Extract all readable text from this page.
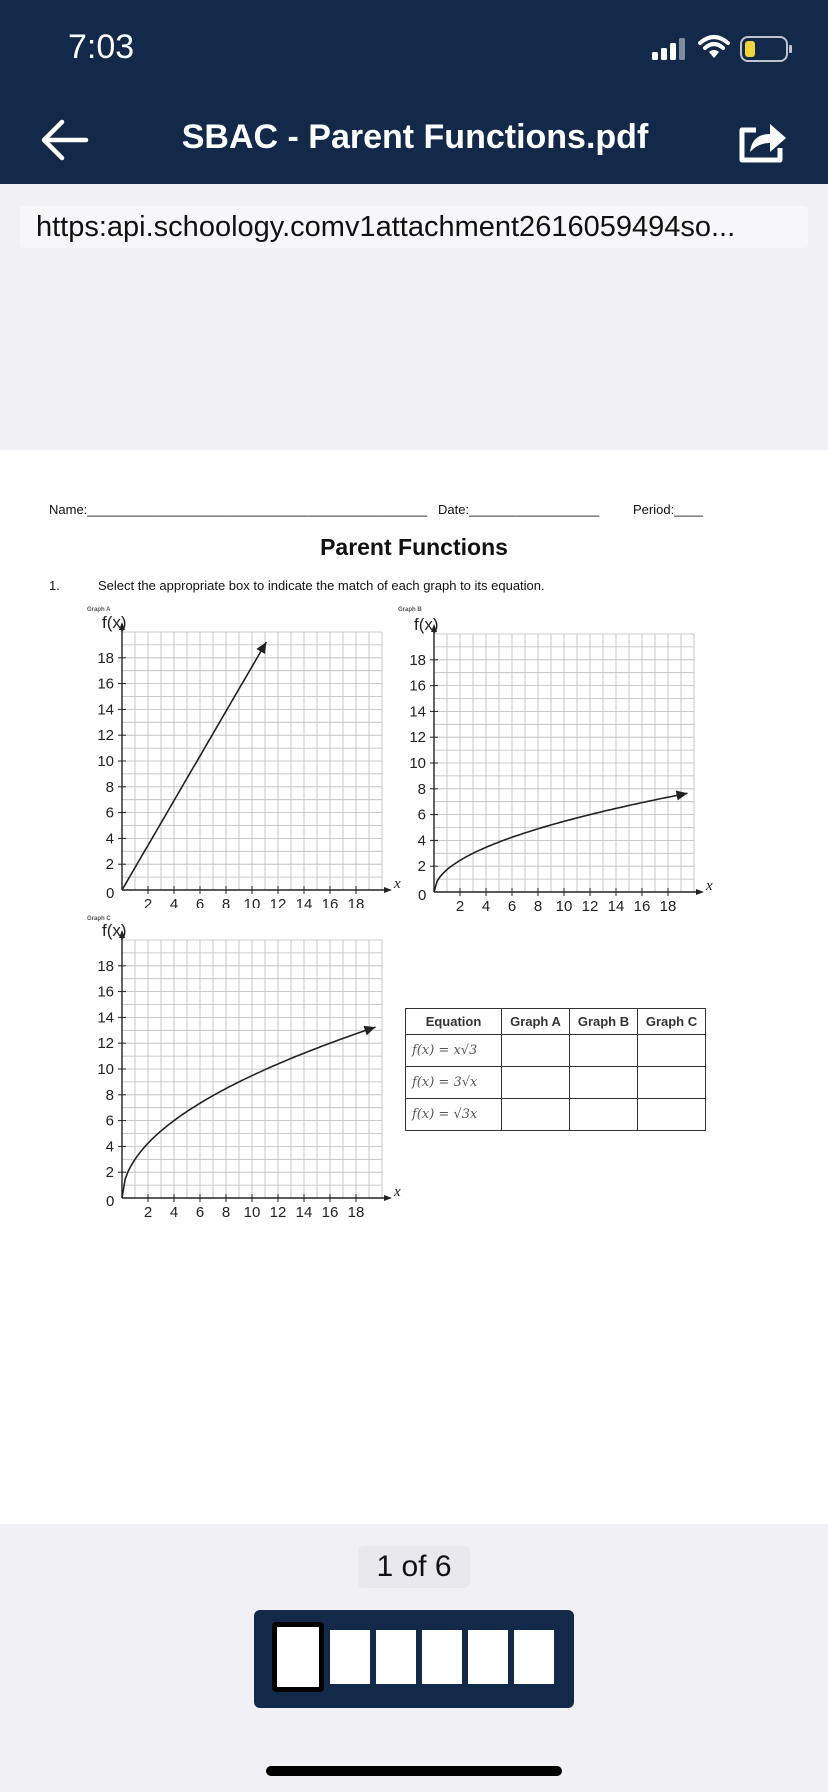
7:03
SBAC - Parent Functions.pdf
https:api.schoology.comv1attachment2616059494so...
Name:_______________________________________________ Date:__________________	Period:____
Parent Functions
1.	Select the appropriate box to indicate the match of each graph to its equation.
Graph A
f(x)
x
0
2
4
6
8
10
12
14
16
18
2 4 6 8 10 12 14 16 18
Graph B
f(x)
x
0
2
4
6
8
10
12
14
16
18
2 4 6 8 10 12 14 16 18
Graph C
f(x)
x
0
2
4
6
8
10
12
14
16
18
2 4 6 8 10 12 14 16 18
Equation	Graph A	Graph B	Graph C
f(x) = x√3			
f(x) = 3√x			
f(x) = √3x			
1 of 6
